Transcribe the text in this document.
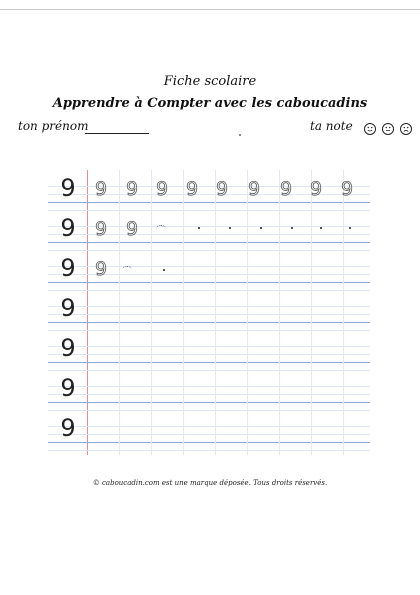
Fiche scolaire
Apprendre à Compter avec les caboucadins
ton prénom	ta note
9
9
9
9
9
9
9
9 9 9 9 9 9 9 9 9
9 9
9
© caboucadin.com est une marque déposée. Tous droits réservés.
